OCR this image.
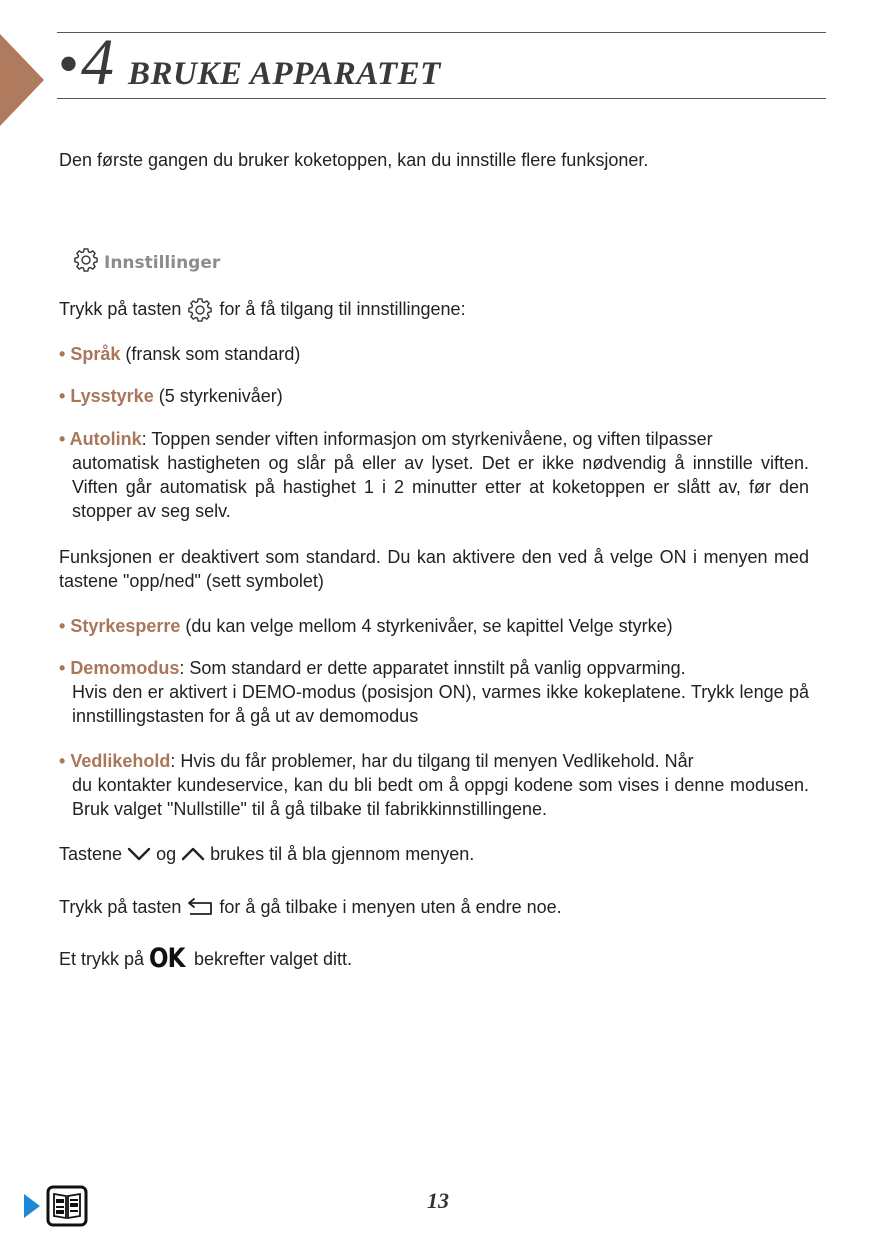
• 4 BRUKE APPARATET

Den første gangen du bruker koketoppen, kan du innstille flere funksjoner.

Innstillinger

Trykk på tasten for å få tilgang til innstillingene:

• Språk (fransk som standard)

• Lysstyrke (5 styrkenivåer)

• Autolink: Toppen sender viften informasjon om styrkenivåene, og viften tilpasser
automatisk hastigheten og slår på eller av lyset. Det er ikke nødvendig å innstille viften. Viften går automatisk på hastighet 1 i 2 minutter etter at koketoppen er slått av, før den stopper av seg selv.

Funksjonen er deaktivert som standard. Du kan aktivere den ved å velge ON i menyen med tastene "opp/ned" (sett symbolet)

• Styrkesperre (du kan velge mellom 4 styrkenivåer, se kapittel Velge styrke)

• Demomodus: Som standard er dette apparatet innstilt på vanlig oppvarming.
Hvis den er aktivert i DEMO-modus (posisjon ON), varmes ikke kokeplatene. Trykk lenge på innstillingstasten for å gå ut av demomodus

• Vedlikehold: Hvis du får problemer, har du tilgang til menyen Vedlikehold. Når
du kontakter kundeservice, kan du bli bedt om å oppgi kodene som vises i denne modusen. Bruk valget "Nullstille" til å gå tilbake til fabrikkinnstillingene.

Tastene og brukes til å bla gjennom menyen.

Trykk på tasten for å gå tilbake i menyen uten å endre noe.

Et trykk på OK bekrefter valget ditt.

13
